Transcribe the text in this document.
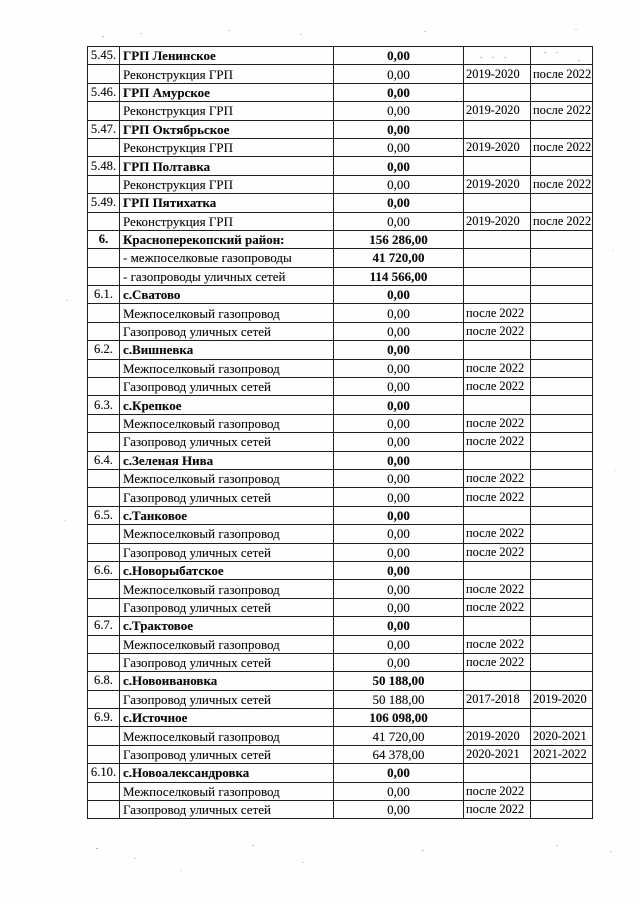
5.45.	ГРП Ленинское	0,00		
	Реконструкция ГРП	0,00	2019-2020	после 2022
5.46.	ГРП Амурское	0,00		
	Реконструкция ГРП	0,00	2019-2020	после 2022
5.47.	ГРП Октябрьское	0,00		
	Реконструкция ГРП	0,00	2019-2020	после 2022
5.48.	ГРП Полтавка	0,00		
	Реконструкция ГРП	0,00	2019-2020	после 2022
5.49.	ГРП Пятихатка	0,00		
	Реконструкция ГРП	0,00	2019-2020	после 2022
6.	Красноперекопский район:	156 286,00		
	- межпоселковые газопроводы	41 720,00		
	- газопроводы уличных сетей	114 566,00		
6.1.	с.Сватово	0,00		
	Межпоселковый газопровод	0,00	после 2022	
	Газопровод уличных сетей	0,00	после 2022	
6.2.	с.Вишневка	0,00		
	Межпоселковый газопровод	0,00	после 2022	
	Газопровод уличных сетей	0,00	после 2022	
6.3.	с.Крепкое	0,00		
	Межпоселковый газопровод	0,00	после 2022	
	Газопровод уличных сетей	0,00	после 2022	
6.4.	с.Зеленая Нива	0,00		
	Межпоселковый газопровод	0,00	после 2022	
	Газопровод уличных сетей	0,00	после 2022	
6.5.	с.Танковое	0,00		
	Межпоселковый газопровод	0,00	после 2022	
	Газопровод уличных сетей	0,00	после 2022	
6.6.	с.Новорыбатское	0,00		
	Межпоселковый газопровод	0,00	после 2022	
	Газопровод уличных сетей	0,00	после 2022	
6.7.	с.Трактовое	0,00		
	Межпоселковый газопровод	0,00	после 2022	
	Газопровод уличных сетей	0,00	после 2022	
6.8.	с.Новоивановка	50 188,00		
	Газопровод уличных сетей	50 188,00	2017-2018	2019-2020
6.9.	с.Источное	106 098,00		
	Межпоселковый газопровод	41 720,00	2019-2020	2020-2021
	Газопровод уличных сетей	64 378,00	2020-2021	2021-2022
6.10.	с.Новоалександровка	0,00		
	Межпоселковый газопровод	0,00	после 2022	
	Газопровод уличных сетей	0,00	после 2022	
